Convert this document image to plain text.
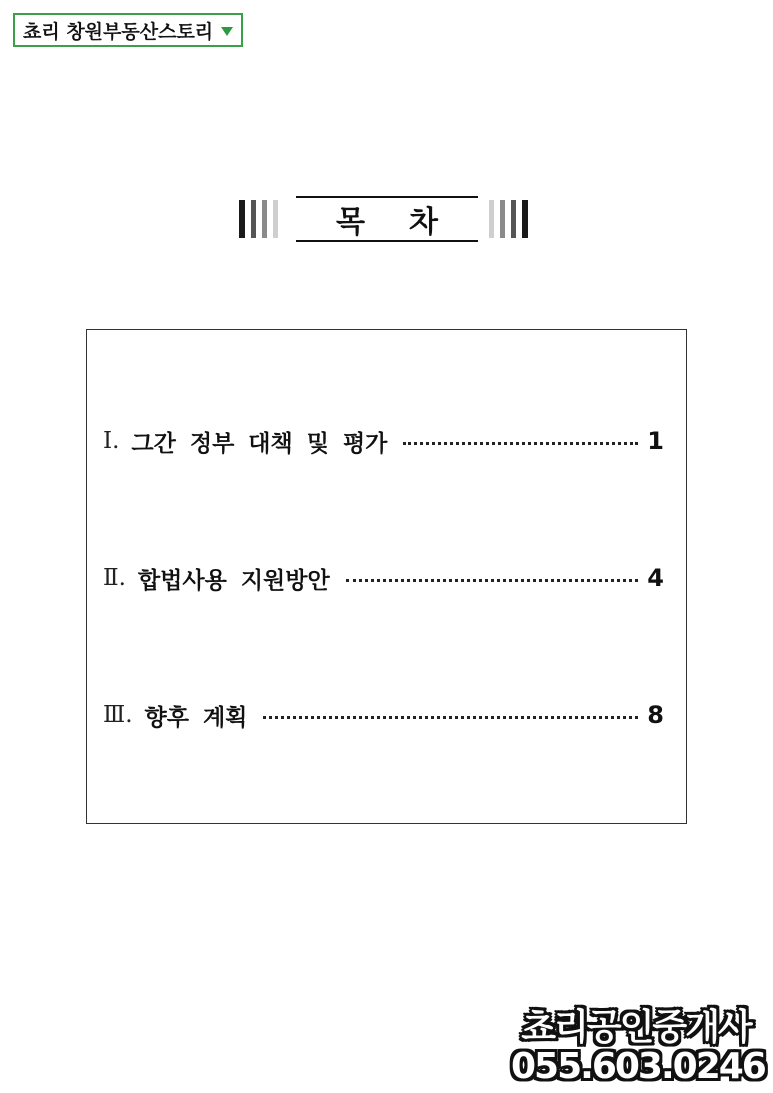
쵸리 창원부동산스토리
목차
Ⅰ . 그간 정부 대책 및 평가	1
Ⅱ . 합법사용 지원방안	4
Ⅲ . 향후 계획	8
쵸리공인중개사
055.603.0246
